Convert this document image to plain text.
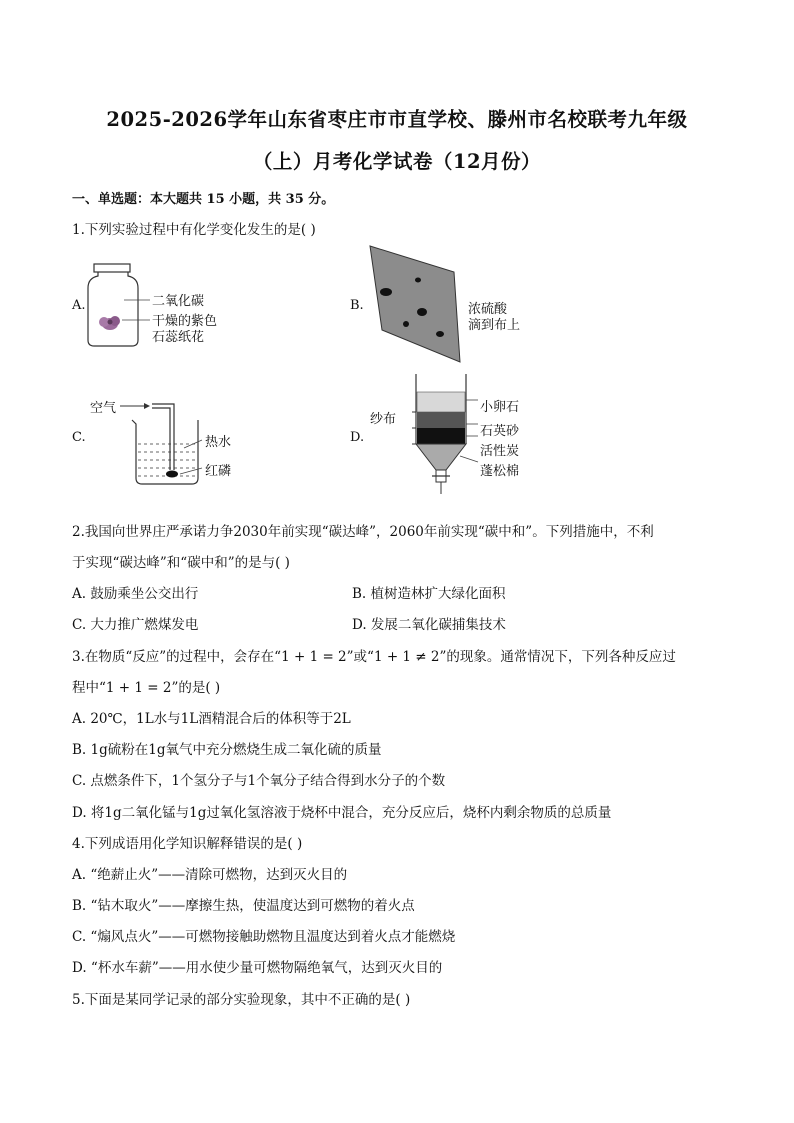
2025-2026学年山东省枣庄市市直学校、滕州市名校联考九年级
（上）月考化学试卷（12月份）
一、单选题：本大题共 15 小题，共 35 分。
1.下列实验过程中有化学变化发生的是( )
A.	二氧化碳
干燥的紫色
石蕊纸花
B.	浓硫酸
滴到布上
C.
空气
热水
红磷
D.
纱布
小卵石
石英砂
活性炭
蓬松棉
2.我国向世界庄严承诺力争2030年前实现“碳达峰”，2060年前实现“碳中和”。下列措施中，不利
于实现“碳达峰”和“碳中和”的是与( )
A. 鼓励乘坐公交出行	B. 植树造林扩大绿化面积
C. 大力推广燃煤发电	D. 发展二氧化碳捕集技术
3.在物质“反应”的过程中，会存在“1 + 1 = 2”或“1 + 1 ≠ 2”的现象。通常情况下，下列各种反应过
程中“1 + 1 = 2”的是( )
A. 20℃，1L水与1L酒精混合后的体积等于2L
B. 1g硫粉在1g氧气中充分燃烧生成二氧化硫的质量
C. 点燃条件下，1个氢分子与1个氧分子结合得到水分子的个数
D. 将1g二氧化锰与1g过氧化氢溶液于烧杯中混合，充分反应后，烧杯内剩余物质的总质量
4.下列成语用化学知识解释错误的是( )
A. “绝薪止火”——清除可燃物，达到灭火目的
B. “钻木取火”——摩擦生热，使温度达到可燃物的着火点
C. “煽风点火”——可燃物接触助燃物且温度达到着火点才能燃烧
D. “杯水车薪”——用水使少量可燃物隔绝氧气，达到灭火目的
5.下面是某同学记录的部分实验现象，其中不正确的是( )
